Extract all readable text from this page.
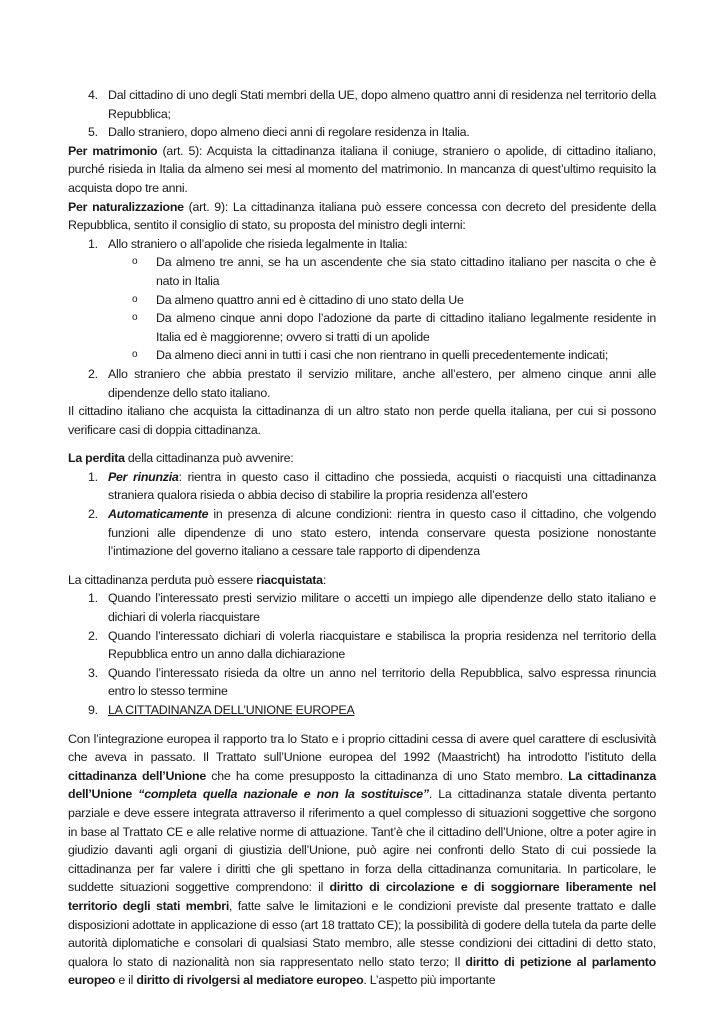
4. Dal cittadino di uno degli Stati membri della UE, dopo almeno quattro anni di residenza nel territorio della Repubblica;
5. Dallo straniero, dopo almeno dieci anni di regolare residenza in Italia.

Per matrimonio (art. 5): Acquista la cittadinanza italiana il coniuge, straniero o apolide, di cittadino italiano, purché risieda in Italia da almeno sei mesi al momento del matrimonio. In mancanza di quest’ultimo requisito la acquista dopo tre anni.

Per naturalizzazione (art. 9): La cittadinanza italiana può essere concessa con decreto del presidente della Repubblica, sentito il consiglio di stato, su proposta del ministro degli interni:

1. Allo straniero o all’apolide che risieda legalmente in Italia:
o	Da almeno tre anni, se ha un ascendente che sia stato cittadino italiano per nascita o che è nato in Italia
o	Da almeno quattro anni ed è cittadino di uno stato della Ue
o	Da almeno cinque anni dopo l’adozione da parte di cittadino italiano legalmente residente in Italia ed è maggiorenne; ovvero si tratti di un apolide
o	Da almeno dieci anni in tutti i casi che non rientrano in quelli precedentemente indicati;
2. Allo straniero che abbia prestato il servizio militare, anche all’estero, per almeno cinque anni alle dipendenze dello stato italiano.

Il cittadino italiano che acquista la cittadinanza di un altro stato non perde quella italiana, per cui si possono verificare casi di doppia cittadinanza.

La perdita della cittadinanza può avvenire:

1. Per rinunzia: rientra in questo caso il cittadino che possieda, acquisti o riacquisti una cittadinanza straniera qualora risieda o abbia deciso di stabilire la propria residenza all’estero
2. Automaticamente in presenza di alcune condizioni: rientra in questo caso il cittadino, che volgendo funzioni alle dipendenze di uno stato estero, intenda conservare questa posizione nonostante l’intimazione del governo italiano a cessare tale rapporto di dipendenza

La cittadinanza perduta può essere riacquistata:

1. Quando l’interessato presti servizio militare o accetti un impiego alle dipendenze dello stato italiano e dichiari di volerla riacquistare
2. Quando l’interessato dichiari di volerla riacquistare e stabilisca la propria residenza nel territorio della Repubblica entro un anno dalla dichiarazione
3. Quando l’interessato risieda da oltre un anno nel territorio della Repubblica, salvo espressa rinuncia entro lo stesso termine
9. LA CITTADINANZA DELL’UNIONE EUROPEA

Con l’integrazione europea il rapporto tra lo Stato e i proprio cittadini cessa di avere quel carattere di esclusività che aveva in passato. Il Trattato sull’Unione europea del 1992 (Maastricht) ha introdotto l’istituto della cittadinanza dell’Unione che ha come presupposto la cittadinanza di uno Stato membro. La cittadinanza dell’Unione “completa quella nazionale e non la sostituisce”. La cittadinanza statale diventa pertanto parziale e deve essere integrata attraverso il riferimento a quel complesso di situazioni soggettive che sorgono in base al Trattato CE e alle relative norme di attuazione. Tant’è che il cittadino dell’Unione, oltre a poter agire in giudizio davanti agli organi di giustizia dell’Unione, può agire nei confronti dello Stato di cui possiede la cittadinanza per far valere i diritti che gli spettano in forza della cittadinanza comunitaria. In particolare, le suddette situazioni soggettive comprendono: il diritto di circolazione e di soggiornare liberamente nel territorio degli stati membri, fatte salve le limitazioni e le condizioni previste dal presente trattato e dalle disposizioni adottate in applicazione di esso (art 18 trattato CE); la possibilità di godere della tutela da parte delle autorità diplomatiche e consolari di qualsiasi Stato membro, alle stesse condizioni dei cittadini di detto stato, qualora lo stato di nazionalità non sia rappresentato nello stato terzo; Il diritto di petizione al parlamento europeo e il diritto di rivolgersi al mediatore europeo. L’aspetto più importante
